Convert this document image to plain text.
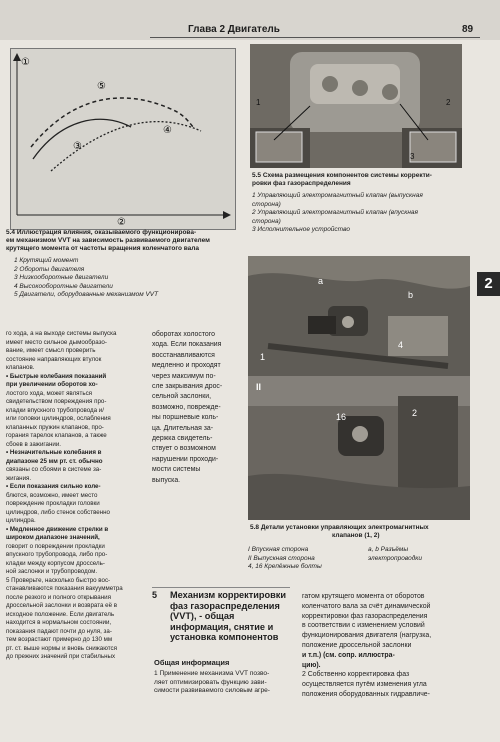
Глава 2 Двигатель	89
2
①
⑤
③
④
②
5.4 Иллюстрация влияния, оказываемого функционирова-
ем механизмом VVT на зависимость развиваемого двигателем
крутящего момента от частоты вращения коленчатого вала
1 Крутящий момент
2 Обороты двигателя
3 Низкооборотные двигатели
4 Высокооборотные двигатели
5 Двигатели, оборудованные механизмом VVT
1	2
3
5.5 Схема размещения компонентов системы корректи-
ровки фаз газораспределения
1 Управляющий электромагнитный клапан (выпускная
сторона)
2 Управляющий электромагнитный клапан (впускная
сторона)
3 Исполнительное устройство
a
b
4
1
II
2
16
5.8 Детали установки управляющих электромагнитных
клапанов (1, 2)
I Впускная сторона
II Выпускная сторона
4, 16 Крепёжные болты
a, b Разъёмы
электропроводки
го хода, а на выходе системы выпуска
имеет место сильное дымообразо-
вание, имеет смысл проверить
состояние направляющих втулок
клапанов.
• Быстрые колебания показаний
при увеличении оборотов хо-
лостого хода, может являться
свидетельством повреждения про-
кладки впускного трубопровода и/
или головки цилиндров, ослабления
клапанных пружин клапанов, про-
горания тарелок клапанов, а также
сбоев в зажигании.
• Незначительные колебания в
диапазоне 25 мм рт. ст. обычно
связаны со сбоями в системе за-
жигания.
• Если показания сильно коле-
блются, возможно, имеет место
повреждение прокладки головки
цилиндров, либо стенок собственно
цилиндра.
• Медленное движение стрелки в
широком диапазоне значений,
говорит о повреждении прокладки
впускного трубопровода, либо про-
кладки между корпусом дроссель-
ной заслонки и трубопроводом.
5 Проверьте, насколько быстро вос-
станавливаются показания вакуумметра
после резкого и полного открывания
дроссельной заслонки и возврата её в
исходное положение. Если двигатель
находится в нормальном состоянии,
показания падают почти до нуля, за-
тем возрастают примерно до 130 мм
рт. ст. выше нормы и вновь снижаются
до прежних значений при стабильных
оборотах холостого
хода. Если показания
восстанавливаются
медленно и проходят
через максимум по-
сле закрывания дрос-
сельной заслонки,
возможно, поврежде-
ны поршневые коль-
ца. Длительная за-
держка свидетель-
ствует о возможном
нарушении проходи-
мости системы
выпуска.
5	Механизм корректировки
фаз газораспределения
(VVT), - общая
информация, снятие и
установка компонентов
Общая информация
1 Применение механизма VVT позво-
ляет оптимизировать функцию зави-
симости развиваемого силовым агре-
гатом крутящего момента от оборотов
коленчатого вала за счёт динамической
корректировки фаз газораспределения
в соответствии с изменением условий
функционирования двигателя (нагрузка,
положение дроссельной заслонки
и т.п.) (см. сопр. иллюстра-
цию).
2 Собственно корректировка фаз
осуществляется путём изменения угла
положения оборудованных гидравличе-
